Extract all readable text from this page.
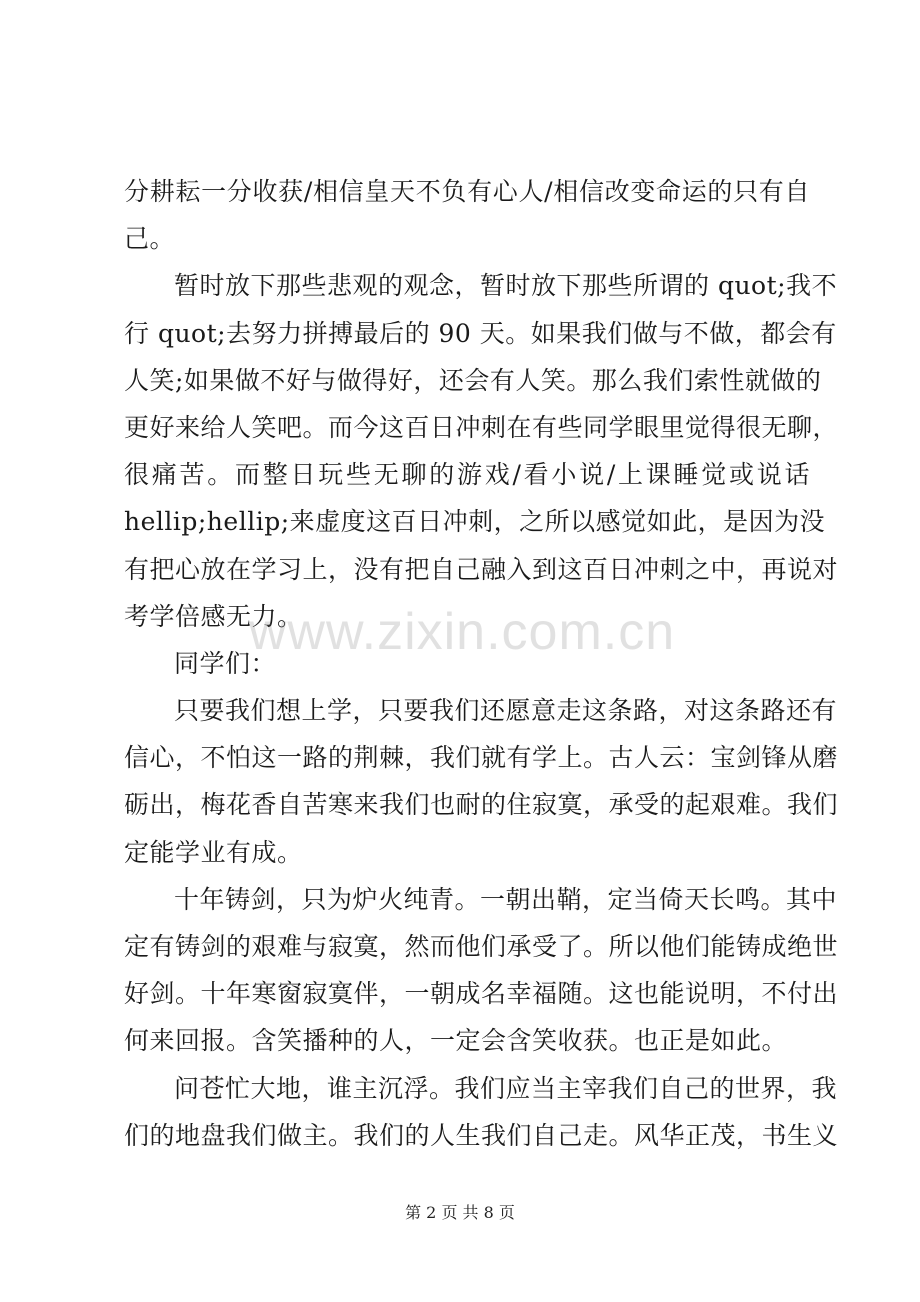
分耕耘一分收获/相信皇天不负有心人/相信改变命运的只有自
己。
暂时放下那些悲观的观念，暂时放下那些所谓的 quot;我不
行 quot;去努力拼搏最后的 90 天。如果我们做与不做，都会有
人笑;如果做不好与做得好，还会有人笑。那么我们索性就做的
更好来给人笑吧。而今这百日冲刺在有些同学眼里觉得很无聊，
很痛苦。而整日玩些无聊的游戏/看小说/上课睡觉或说话
hellip;hellip;来虚度这百日冲刺，之所以感觉如此，是因为没
有把心放在学习上，没有把自己融入到这百日冲刺之中，再说对
考学倍感无力。
同学们：
只要我们想上学，只要我们还愿意走这条路，对这条路还有
信心，不怕这一路的荆棘，我们就有学上。古人云：宝剑锋从磨
砺出，梅花香自苦寒来我们也耐的住寂寞，承受的起艰难。我们
定能学业有成。
十年铸剑，只为炉火纯青。一朝出鞘，定当倚天长鸣。其中
定有铸剑的艰难与寂寞，然而他们承受了。所以他们能铸成绝世
好剑。十年寒窗寂寞伴，一朝成名幸福随。这也能说明，不付出
何来回报。含笑播种的人，一定会含笑收获。也正是如此。
问苍忙大地，谁主沉浮。我们应当主宰我们自己的世界，我
们的地盘我们做主。我们的人生我们自己走。风华正茂，书生义
www.zixin.com.cn
第 2 页 共 8 页
